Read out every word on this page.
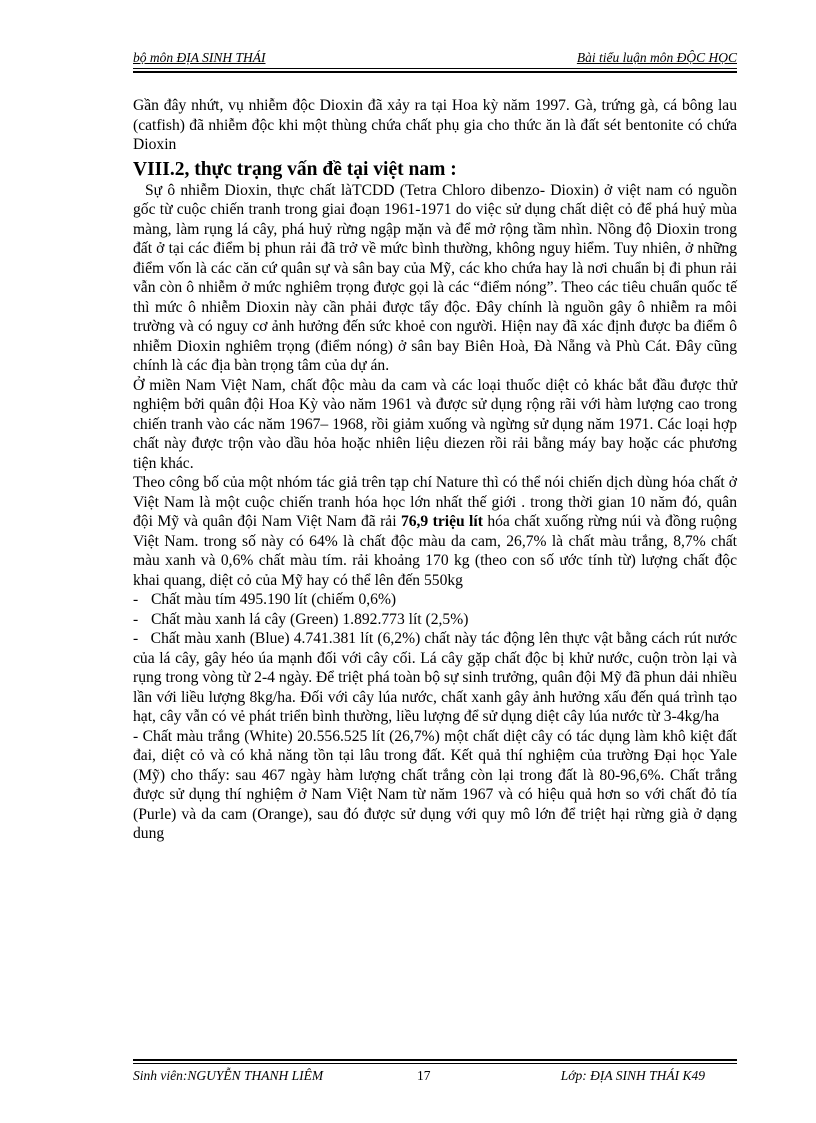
bộ môn ĐỊA SINH THÁI	Bài tiểu luận môn ĐỘC HỌC

Gần đây nhứt, vụ nhiễm độc Dioxin đã xảy ra tại Hoa kỳ năm 1997. Gà, trứng gà, cá bông lau (catfish) đã nhiễm độc khi một thùng chứa chất phụ gia cho thức ăn là đất sét bentonite có chứa Dioxin

VIII.2, thực trạng vấn đề tại việt nam :

Sự ô nhiễm Dioxin, thực chất làTCDD (Tetra Chloro dibenzo- Dioxin) ở việt nam có nguồn gốc từ cuộc chiến tranh trong giai đoạn 1961-1971 do việc sử dụng chất diệt cỏ để phá huỷ mùa màng, làm rụng lá cây, phá huỷ rừng ngập mặn và để mở rộng tầm nhìn. Nồng độ Dioxin trong đất ở tại các điểm bị phun rải đã trở về mức bình thường, không nguy hiểm. Tuy nhiên, ở những điểm vốn là các căn cứ quân sự và sân bay của Mỹ, các kho chứa hay là nơi chuẩn bị đi phun rải vẫn còn ô nhiễm ở mức nghiêm trọng được gọi là các “điểm nóng”. Theo các tiêu chuẩn quốc tế thì mức ô nhiễm Dioxin này cần phải được tẩy độc. Đây chính là nguồn gây ô nhiễm ra môi trường và có nguy cơ ảnh hưởng đến sức khoẻ con người. Hiện nay đã xác định được ba điểm ô nhiễm Dioxin nghiêm trọng (điểm nóng) ở sân bay Biên Hoà, Đà Nẵng và Phù Cát. Đây cũng chính là các địa bàn trọng tâm của dự án.

Ở miền Nam Việt Nam, chất độc màu da cam và các loại thuốc diệt cỏ khác bắt đầu được thử nghiệm bởi quân đội Hoa Kỳ vào năm 1961 và được sử dụng rộng rãi với hàm lượng cao trong chiến tranh vào các năm 1967– 1968, rồi giảm xuống và ngừng sử dụng năm 1971. Các loại hợp chất này được trộn vào dầu hỏa hoặc nhiên liệu diezen rồi rải bằng máy bay hoặc các phương tiện khác.

Theo công bố của một nhóm tác giả trên tạp chí Nature thì có thể nói chiến dịch dùng hóa chất ở Việt Nam là một cuộc chiến tranh hóa học lớn nhất thế giới . trong thời gian 10 năm đó, quân đội Mỹ và quân đội Nam Việt Nam đã rải 76,9 triệu lít hóa chất xuống rừng núi và đồng ruộng Việt Nam. trong số này có 64% là chất độc màu da cam, 26,7% là chất màu trắng, 8,7% chất màu xanh và 0,6% chất màu tím. rải khoảng 170 kg (theo con số ước tính từ) lượng chất độc khai quang, diệt cỏ của Mỹ hay có thể lên đến 550kg

- Chất màu tím 495.190 lít (chiếm 0,6%)
- Chất màu xanh lá cây (Green) 1.892.773 lít (2,5%)

- Chất màu xanh (Blue) 4.741.381 lít (6,2%) chất này tác động lên thực vật bằng cách rút nước của lá cây, gây héo úa mạnh đối với cây cối. Lá cây gặp chất độc bị khử nước, cuộn tròn lại và rụng trong vòng từ 2-4 ngày. Để triệt phá toàn bộ sự sinh trưởng, quân đội Mỹ đã phun dải nhiều lần với liều lượng 8kg/ha. Đối với cây lúa nước, chất xanh gây ảnh hưởng xấu đến quá trình tạo hạt, cây vẫn có vẻ phát triển bình thường, liều lượng để sử dụng diệt cây lúa nước từ 3-4kg/ha

- Chất màu trắng (White) 20.556.525 lít (26,7%) một chất diệt cây có tác dụng làm khô kiệt đất đai, diệt cỏ và có khả năng tồn tại lâu trong đất. Kết quả thí nghiệm của trường Đại học Yale (Mỹ) cho thấy: sau 467 ngày hàm lượng chất trắng còn lại trong đất là 80-96,6%. Chất trắng được sử dụng thí nghiệm ở Nam Việt Nam từ năm 1967 và có hiệu quả hơn so với chất đỏ tía (Purle) và da cam (Orange), sau đó được sử dụng với quy mô lớn để triệt hại rừng già ở dạng dung

Sinh viên:NGUYỄN THANH LIÊM	17	Lớp: ĐỊA SINH THÁI K49
